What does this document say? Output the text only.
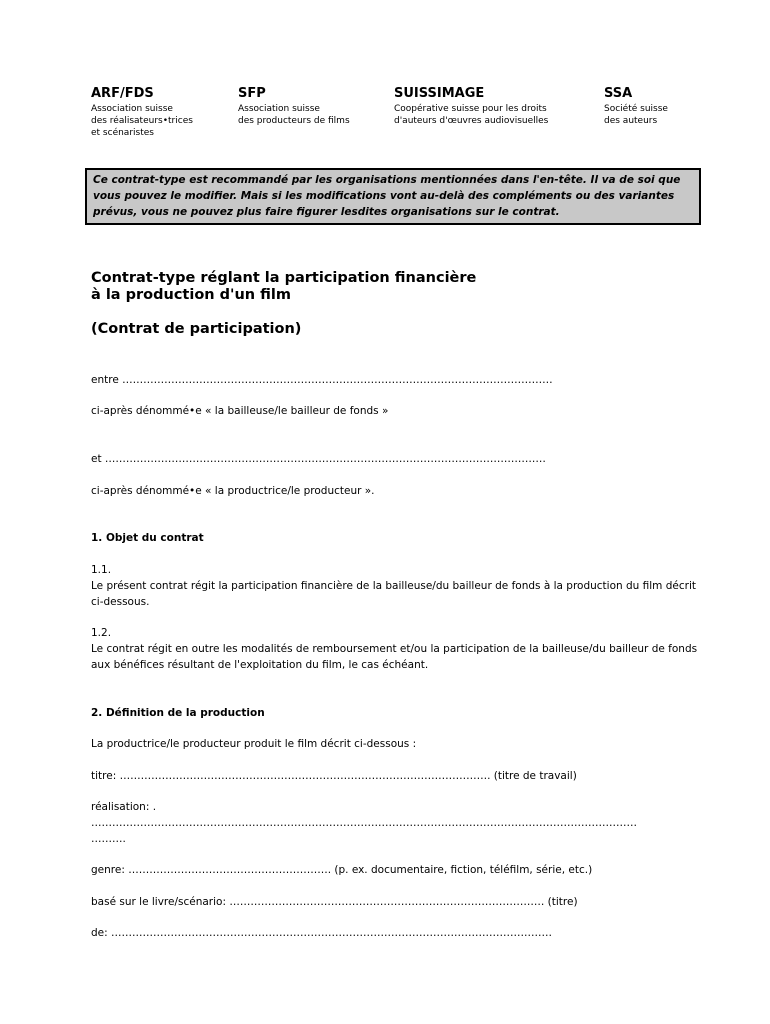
ARF/FDS
Association suisse
des réalisateurs•trices
et scénaristes
SFP
Association suisse
des producteurs de films
SUISSIMAGE
Coopérative suisse pour les droits
d'auteurs d'œuvres audiovisuelles
SSA
Société suisse
des auteurs
Ce contrat-type est recommandé par les organisations mentionnées dans l'en-tête. Il va de soi que vous pouvez le modifier. Mais si les modifications vont au-delà des compléments ou des variantes prévus, vous ne pouvez plus faire figurer lesdites organisations sur le contrat.
Contrat-type réglant la participation financière
à la production d'un film
(Contrat de participation)
entre ……………………………………………………………………………………………………………
ci-après dénommé•e « la bailleuse/le bailleur de fonds »
et ………………………………………………………………………………………………………………
ci-après dénommé•e « la productrice/le producteur ».
1. Objet du contrat
1.1.
Le présent contrat régit la participation financière de la bailleuse/du bailleur de fonds à la production du film décrit ci-dessous.
1.2.
Le contrat régit en outre les modalités de remboursement et/ou la participation de la bailleuse/du bailleur de fonds aux bénéfices résultant de l'exploitation du film, le cas échéant.
2. Définition de la production
La productrice/le producteur produit le film décrit ci-dessous :
titre: ……………………………………………………………………………………………. (titre de travail)
réalisation: .
…………………………………………………………………………………………………………………………………………
……….
genre: …………………………………………………. (p. ex. documentaire, fiction, téléfilm, série, etc.)
basé sur le livre/scénario: ……………………………………………………………………………… (titre)
de: ………………………………………………………………………………………………………………
